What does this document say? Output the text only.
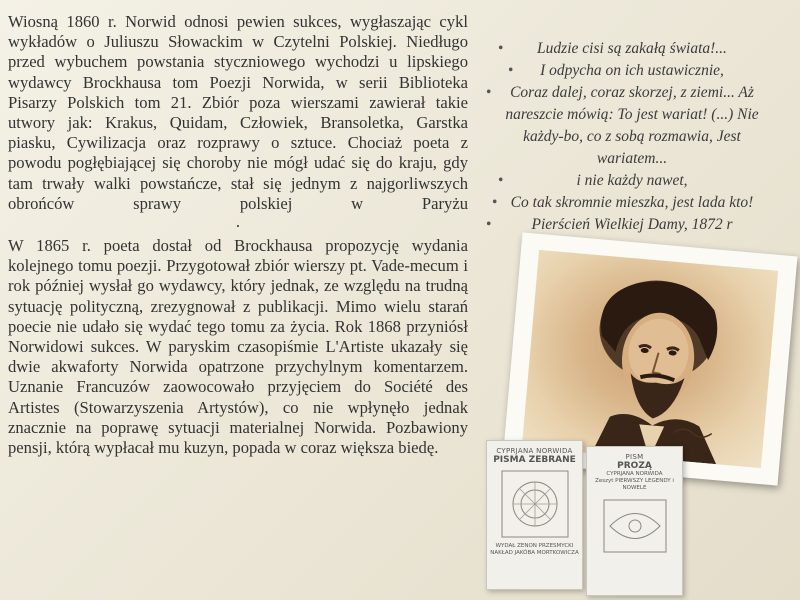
Wiosną 1860 r. Norwid odnosi pewien sukces, wygłaszając cykl wykładów o Juliuszu Słowackim w Czytelni Polskiej. Niedługo przed wybuchem powstania styczniowego wychodzi u lipskiego wydawcy Brockhausa tom Poezji Norwida, w serii Biblioteka Pisarzy Polskich tom 21. Zbiór poza wierszami zawierał takie utwory jak: Krakus, Quidam, Człowiek, Bransoletka, Garstka piasku, Cywilizacja oraz rozprawy o sztuce. Chociaż poeta z powodu pogłębiającej się choroby nie mógł udać się do kraju, gdy tam trwały walki powstańcze, stał się jednym z najgorliwszych obrońców sprawy polskiej w Paryżu

.

W 1865 r. poeta dostał od Brockhausa propozycję wydania kolejnego tomu poezji. Przygotował zbiór wierszy pt. Vade-mecum i rok później wysłał go wydawcy, który jednak, ze względu na trudną sytuację polityczną, zrezygnował z publikacji. Mimo wielu starań poecie nie udało się wydać tego tomu za życia. Rok 1868 przyniósł Norwidowi sukces. W paryskim czasopiśmie L'Artiste ukazały się dwie akwaforty Norwida opatrzone przychylnym komentarzem. Uznanie Francuzów zaowocowało przyjęciem do Société des Artistes (Stowarzyszenia Artystów), co nie wpłynęło jednak znacznie na poprawę sytuacji materialnej Norwida. Pozbawiony pensji, którą wypłacał mu kuzyn, popada w coraz większa biedę.

• Ludzie cisi są zakałą świata!...
• I odpycha on ich ustawicznie,
• Coraz dalej, coraz skorzej, z ziemi... Aż nareszcie mówią: To jest wariat! (...) Nie każdy-bo, co z sobą rozmawia, Jest wariatem...
• i nie każdy nawet,
• Co tak skromnie mieszka, jest lada kto!
• Pierścień Wielkiej Damy, 1872 r
CYPRJANA NORWIDA
PISMA ZEBRANE
WYDAŁ ZENON PRZESMYCKI
NAKŁAD JAKÓBA MORTKOWICZA
PISM
PROZĄ
CYPRJANA NORWIDA
Zeszyt PIERWSZY LEGENDY i NOWELE
